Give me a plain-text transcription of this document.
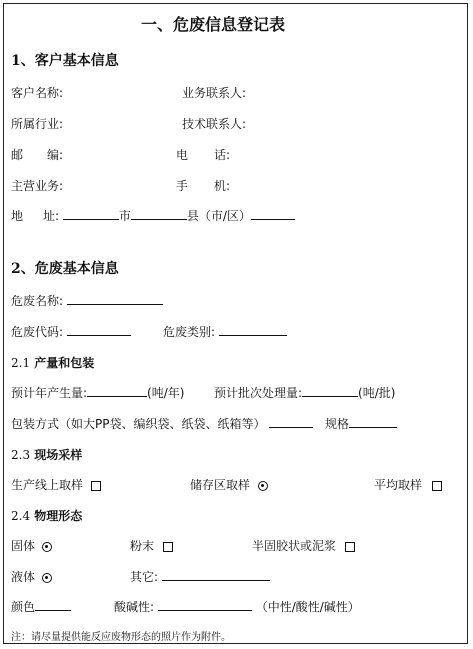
一、危废信息登记表
1、客户基本信息
客户名称:	业务联系人:
所属行业:	技术联系人:
邮 编:	电 话:
主营业务:	手 机:
地 址:	市	县（市/区）
2、危废基本信息
危废名称:
危废代码:	危废类别:
2.1 产量和包装
预计年产生量:	(吨/年) 预计批次处理量:	(吨/批)
包装方式（如大PP袋、编织袋、纸袋、纸箱等）	规格
2.3 现场采样
生产线上取样	储存区取样	平均取样
2.4 物理形态
固体	粉末	半固胶状或泥浆
液体	其它:
颜色	酸碱性:	（中性/酸性/碱性）
注：请尽量提供能反应废物形态的照片作为附件。
